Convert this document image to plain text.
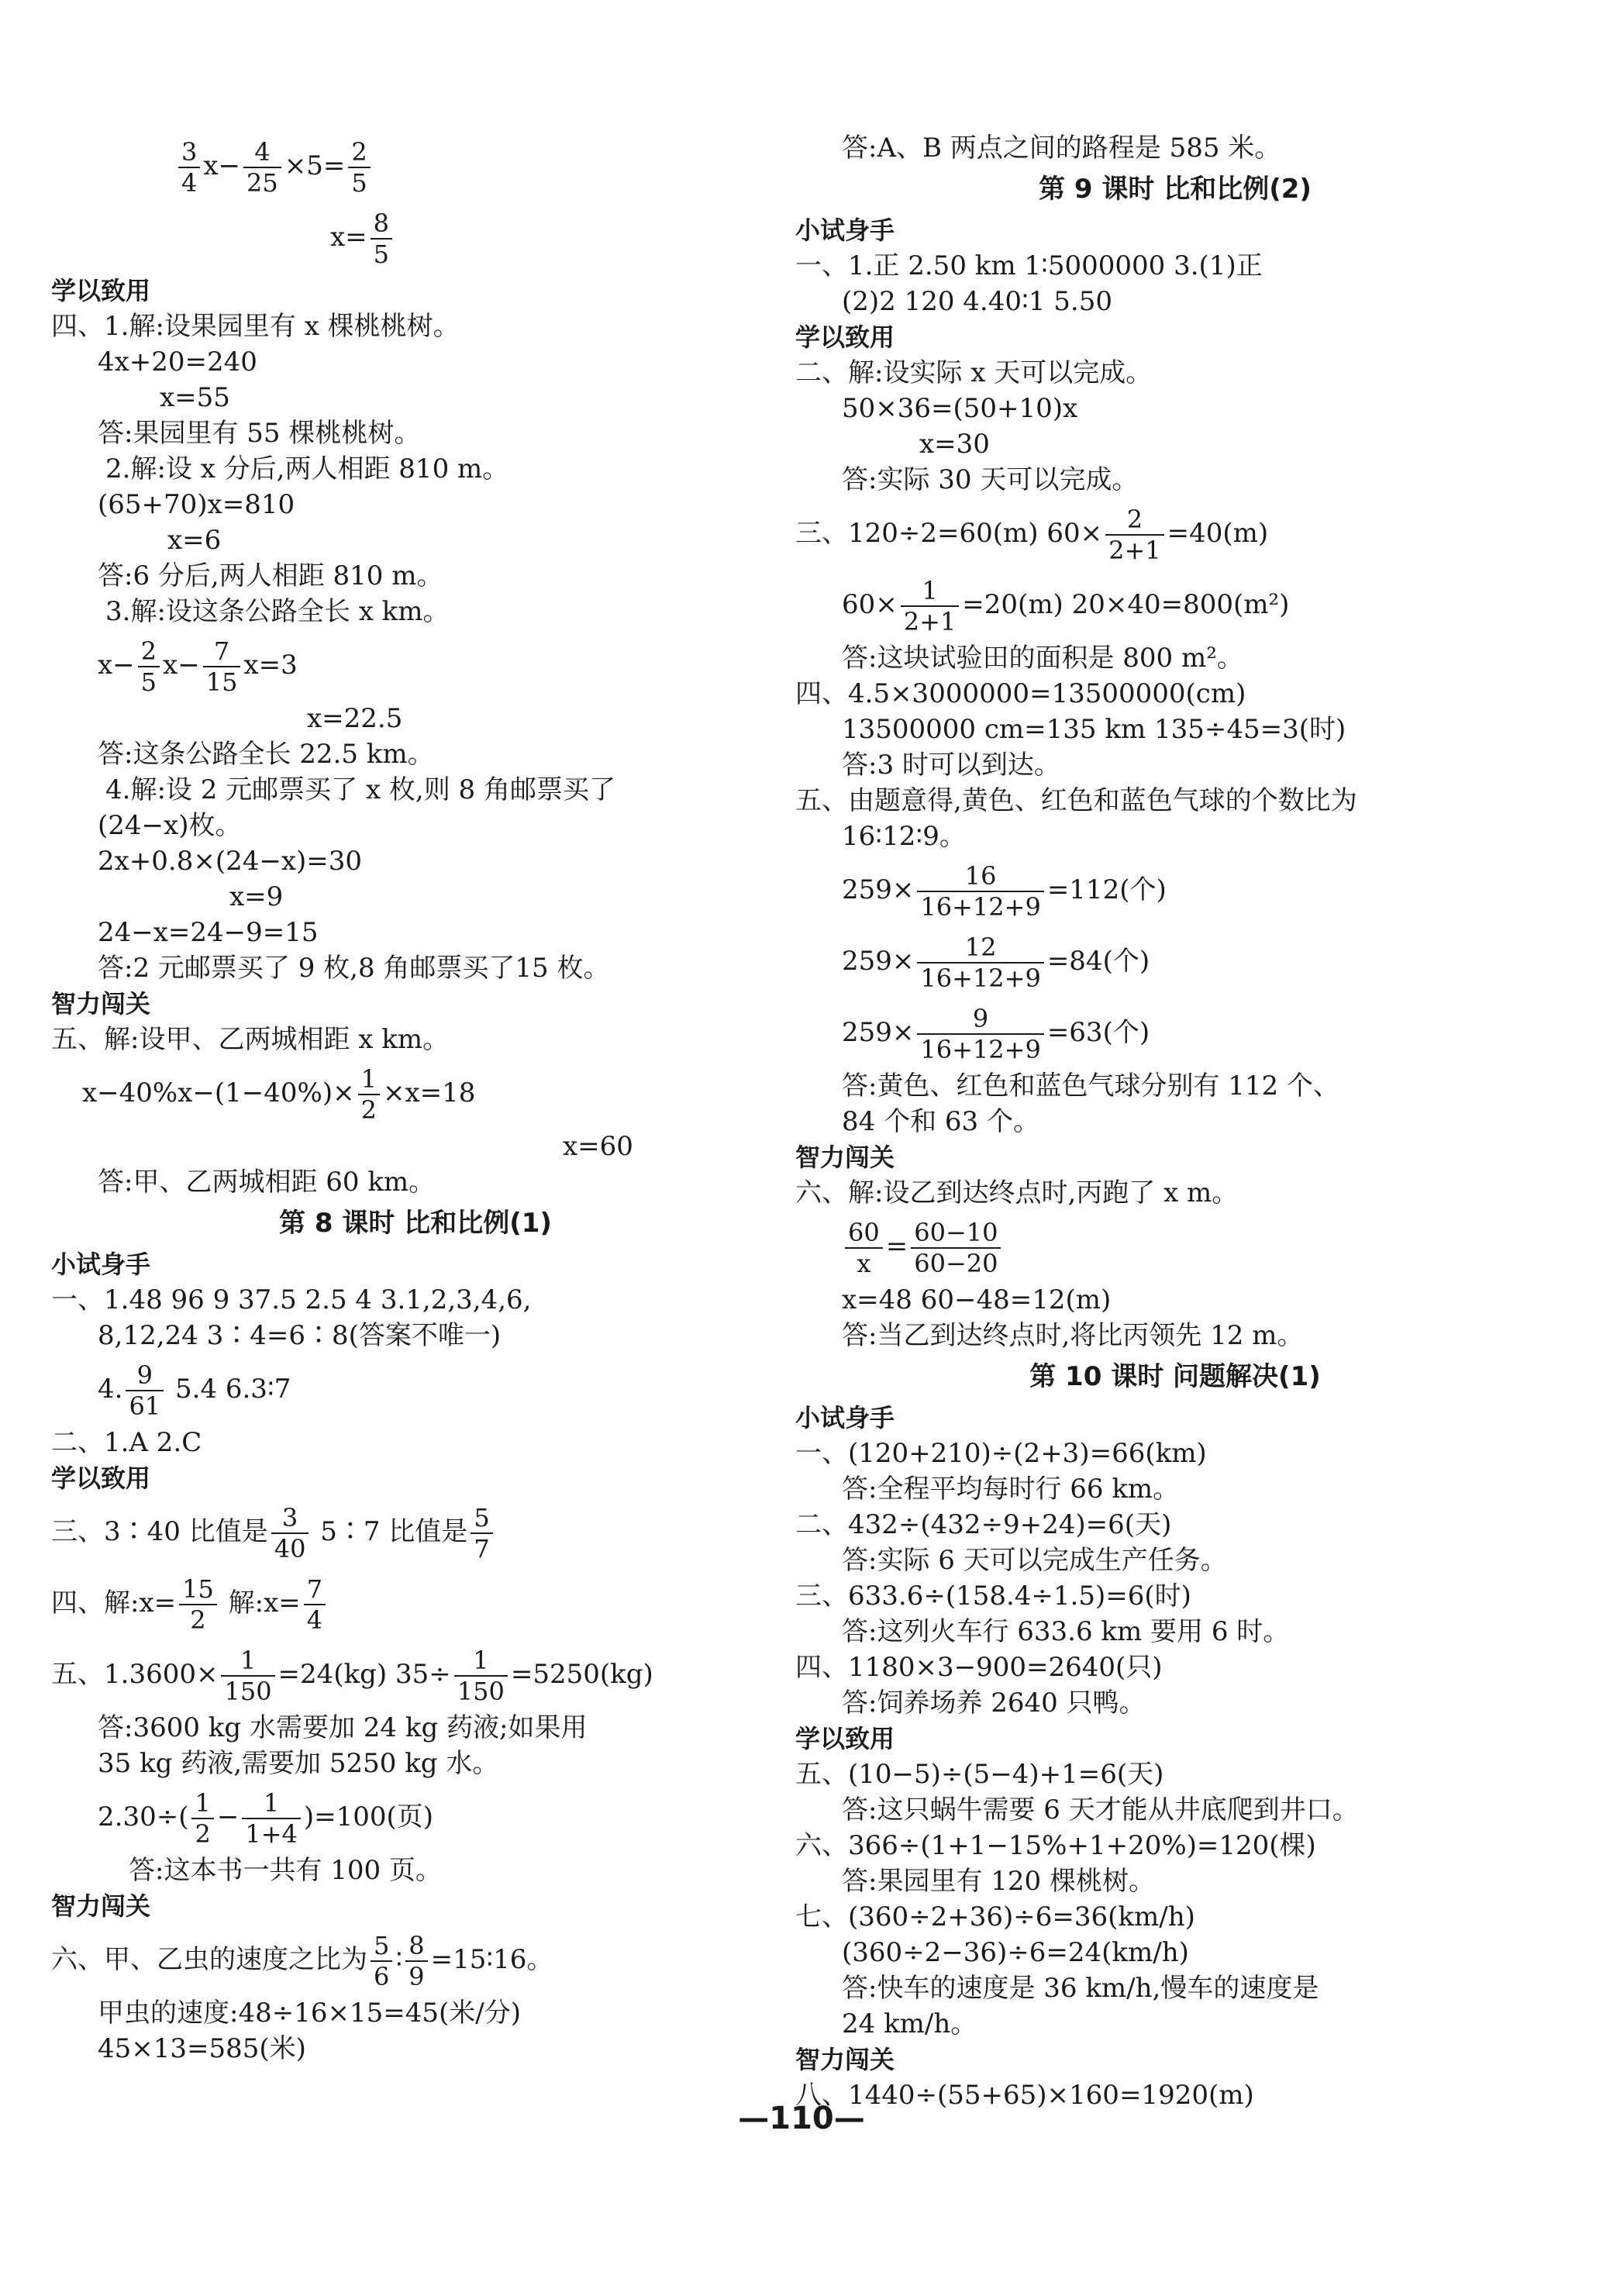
$\frac{3}{4} x- \frac{4}{25} \times 5= \frac{2}{5}$
$x= \frac{8}{5}$
学以致用
四、1.解:设果园里有 x 棵桃桃树。
4x+20=240
x=55
答:果园里有 55 棵桃桃树。
2.解:设 x 分后,两人相距 810 m。
(65+70)x=810
x=6
答:6 分后,两人相距 810 m。
3.解:设这条公路全长 x km。
$x- \frac{2}{5} x- \frac{7}{15} x=3$
x=22.5
答:这条公路全长 22.5 km。
4.解:设 2 元邮票买了 x 枚,则 8 角邮票买了
(24−x)枚。
2x+0.8×(24−x)=30
x=9
24−x=24−9=15
答:2 元邮票买了 9 枚,8 角邮票买了15 枚。
智力闯关
五、解:设甲、乙两城相距 x km。
$x-40\%x-(1-40\%)\times \frac{1}{2} \times x=18$
x=60
答:甲、乙两城相距 60 km。
第 8 课时 比和比例(1)
小试身手
一、1.48 96 9 37.5 2.5 4 3.1,2,3,4,6,
8,12,24 3∶4=6∶8(答案不唯一)
4. $\frac{9}{61} 5.4$ 6.3∶7
二、1.A 2.C
学以致用
三、3∶40 比值是 $\frac{3}{40}$ 5∶7 比值是 $\frac{5}{7}$
四、解:x= $\frac{15}{2}$ 解:x= $\frac{7}{4}$
五、$1.3600\times \frac{1}{150} =24(kg)$ $35\div \frac{1}{150} =5250(kg)$
答:3600 kg 水需要加 24 kg 药液;如果用
35 kg 药液,需要加 5250 kg 水。
$2.30\div( \frac{1}{2} - \frac{1}{1+4} )=100$(页)
答:这本书一共有 100 页。
智力闯关
六、甲、乙虫的速度之比为 $\frac{5}{6}$ ∶ $\frac{8}{9}$ =15∶16。
甲虫的速度:48÷16×15=45(米/分)
45×13=585(米)
答:A、B 两点之间的路程是 585 米。
第 9 课时 比和比例(2)
小试身手
一、1.正 2.50 km 1∶5000000 3.(1)正
(2)2 120 4.40∶1 5.50
学以致用
二、解:设实际 x 天可以完成。
50×36=(50+10)x
x=30
答:实际 30 天可以完成。
三、120÷2=60(m) $60\times \frac{2}{2+1} =40(m)$
$60\times \frac{1}{2+1} =20(m)$ 20×40=800(m²)
答:这块试验田的面积是 800 m²。
四、4.5×3000000=13500000(cm)
13500000 cm=135 km 135÷45=3(时)
答:3 时可以到达。
五、由题意得,黄色、红色和蓝色气球的个数比为
16∶12∶9。
$259\times \frac{16}{16+12+9} =112$(个)
$259\times \frac{12}{16+12+9} =84$(个)
$259\times \frac{9}{16+12+9} =63$(个)
答:黄色、红色和蓝色气球分别有 112 个、
84 个和 63 个。
智力闯关
六、解:设乙到达终点时,丙跑了 x m。
$\frac{60}{x} = \frac{60-10}{60-20}$
x=48 60−48=12(m)
答:当乙到达终点时,将比丙领先 12 m。
第 10 课时 问题解决(1)
小试身手
一、(120+210)÷(2+3)=66(km)
答:全程平均每时行 66 km。
二、432÷(432÷9+24)=6(天)
答:实际 6 天可以完成生产任务。
三、633.6÷(158.4÷1.5)=6(时)
答:这列火车行 633.6 km 要用 6 时。
四、1180×3−900=2640(只)
答:饲养场养 2640 只鸭。
学以致用
五、(10−5)÷(5−4)+1=6(天)
答:这只蜗牛需要 6 天才能从井底爬到井口。
六、366÷(1+1−15%+1+20%)=120(棵)
答:果园里有 120 棵桃树。
七、(360÷2+36)÷6=36(km/h)
(360÷2−36)÷6=24(km/h)
答:快车的速度是 36 km/h,慢车的速度是
24 km/h。
智力闯关
八、1440÷(55+65)×160=1920(m)
—110—
